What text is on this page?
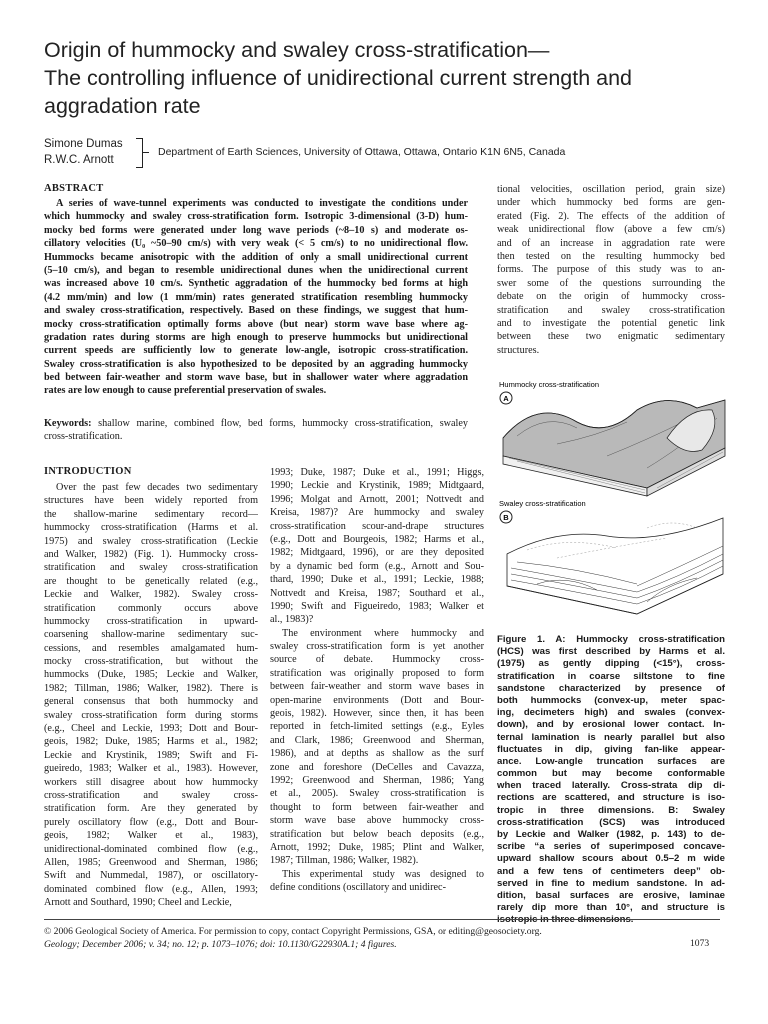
Origin of hummocky and swaley cross-stratification—
The controlling influence of unidirectional current strength and
aggradation rate
Simone Dumas
R.W.C. Arnott
Department of Earth Sciences, University of Ottawa, Ottawa, Ontario K1N 6N5, Canada
ABSTRACT
A series of wave-tunnel experiments was conducted to investigate the conditions under
which hummocky and swaley cross-stratification form. Isotropic 3-dimensional (3-D) hum-
mocky bed forms were generated under long wave periods (~8–10 s) and moderate os-
cillatory velocities (U₀ ~50–90 cm/s) with very weak (< 5 cm/s) to no unidirectional flow.
Hummocks became anisotropic with the addition of only a small unidirectional current
(5–10 cm/s), and began to resemble unidirectional dunes when the unidirectional current
was increased above 10 cm/s. Synthetic aggradation of the hummocky bed forms at high
(4.2 mm/min) and low (1 mm/min) rates generated stratification resembling hummocky
and swaley cross-stratification, respectively. Based on these findings, we suggest that hum-
mocky cross-stratification optimally forms above (but near) storm wave base where ag-
gradation rates during storms are high enough to preserve hummocks but unidirectional
current speeds are sufficiently low to generate low-angle, isotropic cross-stratification.
Swaley cross-stratification is also hypothesized to be deposited by an aggrading hummocky
bed between fair-weather and storm wave base, but in shallower water where aggradation
rates are low enough to cause preferential preservation of swales.
Keywords: shallow marine, combined flow, bed forms, hummocky cross-stratification, swaley
cross-stratification.
INTRODUCTION
Over the past few decades two sedimentary
structures have been widely reported from
the shallow-marine sedimentary record—
hummocky cross-stratification (Harms et al.
1975) and swaley cross-stratification (Leckie
and Walker, 1982) (Fig. 1). Hummocky cross-
stratification and swaley cross-stratification
are thought to be genetically related (e.g.,
Leckie and Walker, 1982). Swaley cross-
stratification commonly occurs above
hummocky cross-stratification in upward-
coarsening shallow-marine sedimentary suc-
cessions, and resembles amalgamated hum-
mocky cross-stratification, but without the
hummocks (Duke, 1985; Leckie and Walker,
1982; Tillman, 1986; Walker, 1982). There is
general consensus that both hummocky and
swaley cross-stratification form during storms
(e.g., Cheel and Leckie, 1993; Dott and Bour-
geois, 1982; Duke, 1985; Harms et al., 1982;
Leckie and Krystinik, 1989; Swift and Fi-
gueiredo, 1983; Walker et al., 1983). However,
workers still disagree about how hummocky
cross-stratification and swaley cross-
stratification form. Are they generated by
purely oscillatory flow (e.g., Dott and Bour-
geois, 1982; Walker et al., 1983),
unidirectional-dominated combined flow (e.g.,
Allen, 1985; Greenwood and Sherman, 1986;
Swift and Nummedal, 1987), or oscillatory-
dominated combined flow (e.g., Allen, 1993;
Arnott and Southard, 1990; Cheel and Leckie,
1993; Duke, 1987; Duke et al., 1991; Higgs,
1990; Leckie and Krystinik, 1989; Midtgaard,
1996; Molgat and Arnott, 2001; Nottvedt and
Kreisa, 1987)? Are hummocky and swaley
cross-stratification scour-and-drape structures
(e.g., Dott and Bourgeois, 1982; Harms et al.,
1982; Midtgaard, 1996), or are they deposited
by a dynamic bed form (e.g., Arnott and Sou-
thard, 1990; Duke et al., 1991; Leckie, 1988;
Nottvedt and Kreisa, 1987; Southard et al.,
1990; Swift and Figueiredo, 1983; Walker et
al., 1983)?
The environment where hummocky and
swaley cross-stratification form is yet another
source of debate. Hummocky cross-
stratification was originally proposed to form
between fair-weather and storm wave bases in
open-marine environments (Dott and Bour-
geois, 1982). However, since then, it has been
reported in fetch-limited settings (e.g., Eyles
and Clark, 1986; Greenwood and Sherman,
1986), and at depths as shallow as the surf
zone and foreshore (DeCelles and Cavazza,
1992; Greenwood and Sherman, 1986; Yang
et al., 2005). Swaley cross-stratification is
thought to form between fair-weather and
storm wave base above hummocky cross-
stratification but below beach deposits (e.g.,
Arnott, 1992; Duke, 1985; Plint and Walker,
1987; Tillman, 1986; Walker, 1982).
This experimental study was designed to
define conditions (oscillatory and unidirec-
tional velocities, oscillation period, grain size)
under which hummocky bed forms are gen-
erated (Fig. 2). The effects of the addition of
weak unidirectional flow (above a few cm/s)
and of an increase in aggradation rate were
then tested on the resulting hummocky bed
forms. The purpose of this study was to an-
swer some of the questions surrounding the
debate on the origin of hummocky cross-
stratification and swaley cross-stratification
and to investigate the potential genetic link
between these two enigmatic sedimentary
structures.
Hummocky cross-stratification
A
Swaley cross-stratification
B
Figure 1. A: Hummocky cross-stratification
(HCS) was first described by Harms et al.
(1975) as gently dipping (<15°), cross-
stratification in coarse siltstone to fine
sandstone characterized by presence of
both hummocks (convex-up, meter spac-
ing, decimeters high) and swales (convex-
down), and by erosional lower contact. In-
ternal lamination is nearly parallel but also
fluctuates in dip, giving fan-like appear-
ance. Low-angle truncation surfaces are
common but may become conformable
when traced laterally. Cross-strata dip di-
rections are scattered, and structure is iso-
tropic in three dimensions. B: Swaley
cross-stratification (SCS) was introduced
by Leckie and Walker (1982, p. 143) to de-
scribe “a series of superimposed concave-
upward shallow scours about 0.5–2 m wide
and a few tens of centimeters deep” ob-
served in fine to medium sandstone. In ad-
dition, basal surfaces are erosive, laminae
rarely dip more than 10°, and structure is
isotropic in three dimensions.
© 2006 Geological Society of America. For permission to copy, contact Copyright Permissions, GSA, or editing@geosociety.org.
Geology; December 2006; v. 34; no. 12; p. 1073–1076; doi: 10.1130/G22930A.1; 4 figures.	1073
